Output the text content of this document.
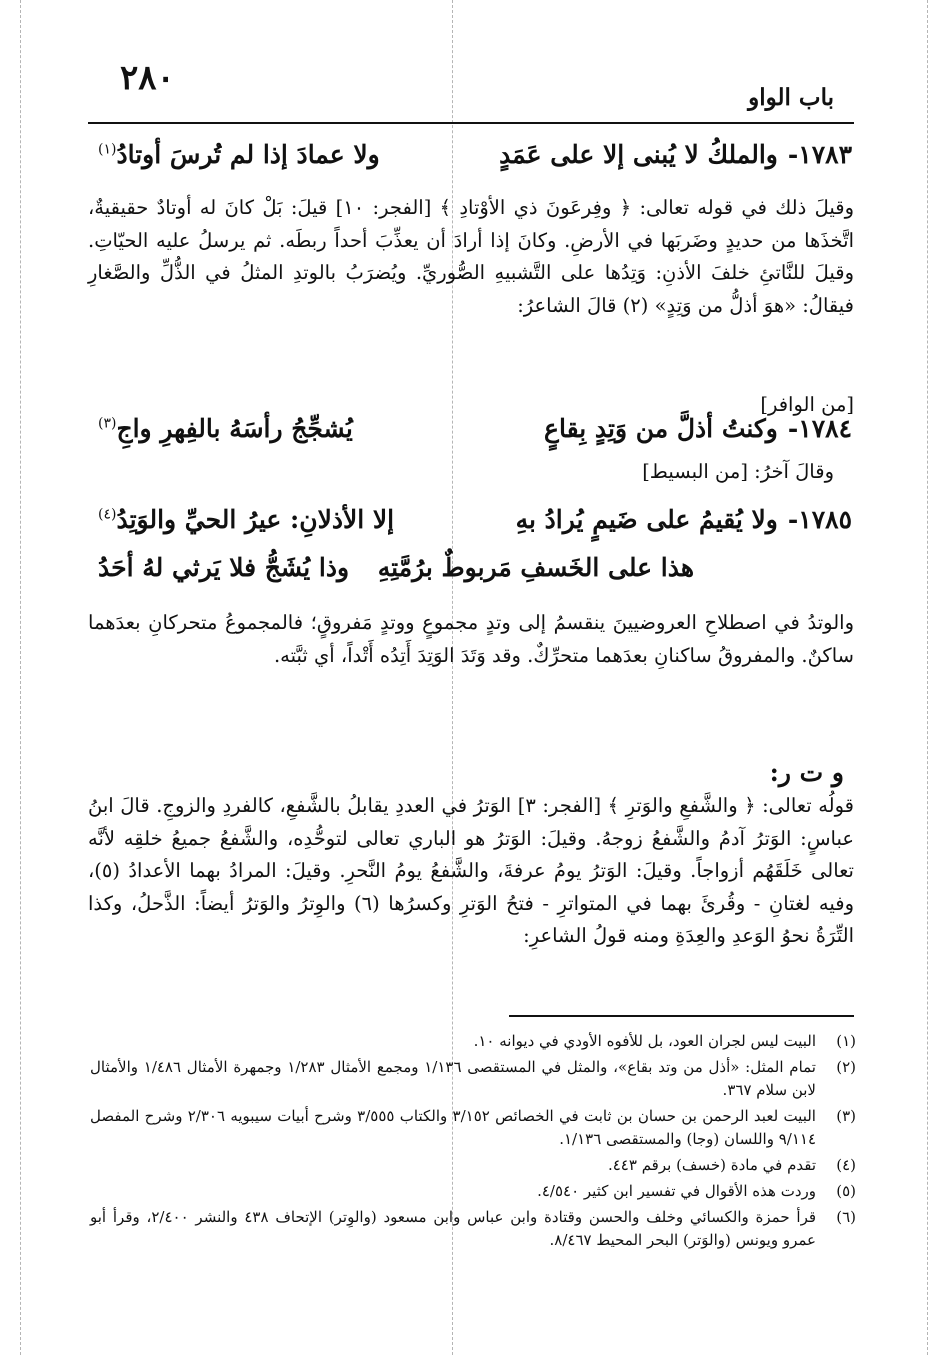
٢٨٠	باب الواو
١٧٨٣-والملكُ لا يُبنى إلا على عَمَدٍ
ولا عمادَ إذا لم تُرسَ أوتادُ$^{(١)}$
وقيلَ ذلك في قوله تعالى: ﴿ وفِرعَونَ ذي الأوْتادِ ﴾ [الفجر: ١٠] قيلَ: بَلْ كانَ له أوتادٌ حقيقيةٌ، اتَّخذَها من حديدٍ وضَربَها في الأرضِ. وكانَ إذا أرادَ أن يعذِّبَ أحداً ربطَه. ثم يرسلُ عليه الحيّاتِ. وقيلَ للنَّاتئِ خلفَ الأذنِ: وَتِدُها على التَّشبيهِ الصُّوريِّ. ويُضرَبُ بالوتدِ المثلُ في الذُّلِّ والصَّغارِ فيقالُ: «هوَ أذلُّ من وَتِدٍ» (٢) قالَ الشاعرُ:
[من الوافر]
١٧٨٤-وكنتُ أذلَّ من وَتِدٍ بِقاعٍ
يُشجِّجُ رأسَهُ بالفِهرِ واجِ$^{(٣)}$
وقالَ آخرُ: [من البسيط]
١٧٨٥-ولا يُقيمُ على ضَيمٍ يُرادُ بهِ
إلا الأذلانِ: عيرُ الحيِّ والوَتِدُ$^{(٤)}$
هذا على الخَسفِ مَربوطٌ برُمَّتِهِ
وذا يُشَجُّ فلا يَرثي لهُ أحَدُ
والوتدُ في اصطلاحِ العروضيينَ ينقسمُ إلى وتدٍ مجموعٍ ووتدٍ مَفروقٍ؛ فالمجموعُ متحركانِ بعدَهما ساكنٌ. والمفروقُ ساكنانِ بعدَهما متحرِّكٌ. وقد وَتَدَ الوَتِدَ أَتِدُه أَتْداً، أي ثبَّته.
و ت ر:
قولُه تعالى: ﴿ والشَّفعِ والوَترِ ﴾ [الفجر: ٣] الوَترُ في العددِ يقابلُ بالشَّفعِ، كالفردِ والزوجِ. قالَ ابنُ عباسٍ: الوَترُ آدمُ والشَّفعُ زوجهُ. وقيلَ: الوَترُ هو الباري تعالى لتوحُّدِه، والشَّفعُ جميعُ خلقِه لأنَّه تعالى خَلَقَهُم أزواجاً. وقيلَ: الوَترُ يومُ عرفةَ، والشَّفعُ يومُ النَّحرِ. وقيلَ: المرادُ بهما الأعدادُ (٥)، وفيه لغتانِ - وقُرئَ بهما في المتواترِ - فتحُ الوَترِ وكسرُها (٦) والوِترُ والوَترُ أيضاً: الذَّحلُ، وكذا التِّرَةُ نحوُ الوَعدِ والعِدَةِ ومنه قولُ الشاعرِ:
(١)
البيت ليس لجران العود، بل للأفوه الأودي في ديوانه ١٠.
(٢)
تمام المثل: «أذل من وتد بقاع»، والمثل في المستقصى ١/١٣٦ ومجمع الأمثال ١/٢٨٣ وجمهرة الأمثال ١/٤٨٦ والأمثال لابن سلام ٣٦٧.
(٣)
البيت لعبد الرحمن بن حسان بن ثابت في الخصائص ٣/١٥٢ والكتاب ٣/٥٥٥ وشرح أبيات سيبويه ٢/٣٠٦ وشرح المفصل ٩/١١٤ واللسان (وجا) والمستقصى ١/١٣٦.
(٤)
تقدم في مادة (خسف) برقم ٤٤٣.
(٥)
وردت هذه الأقوال في تفسير ابن كثير ٤/٥٤٠.
(٦)
قرأ حمزة والكسائي وخلف والحسن وقتادة وابن عباس وابن مسعود (والوِتر) الإتحاف ٤٣٨ والنشر ٢/٤٠٠، وقرأ أبو عمرو ويونس (والوَتر) البحر المحيط ٨/٤٦٧.
